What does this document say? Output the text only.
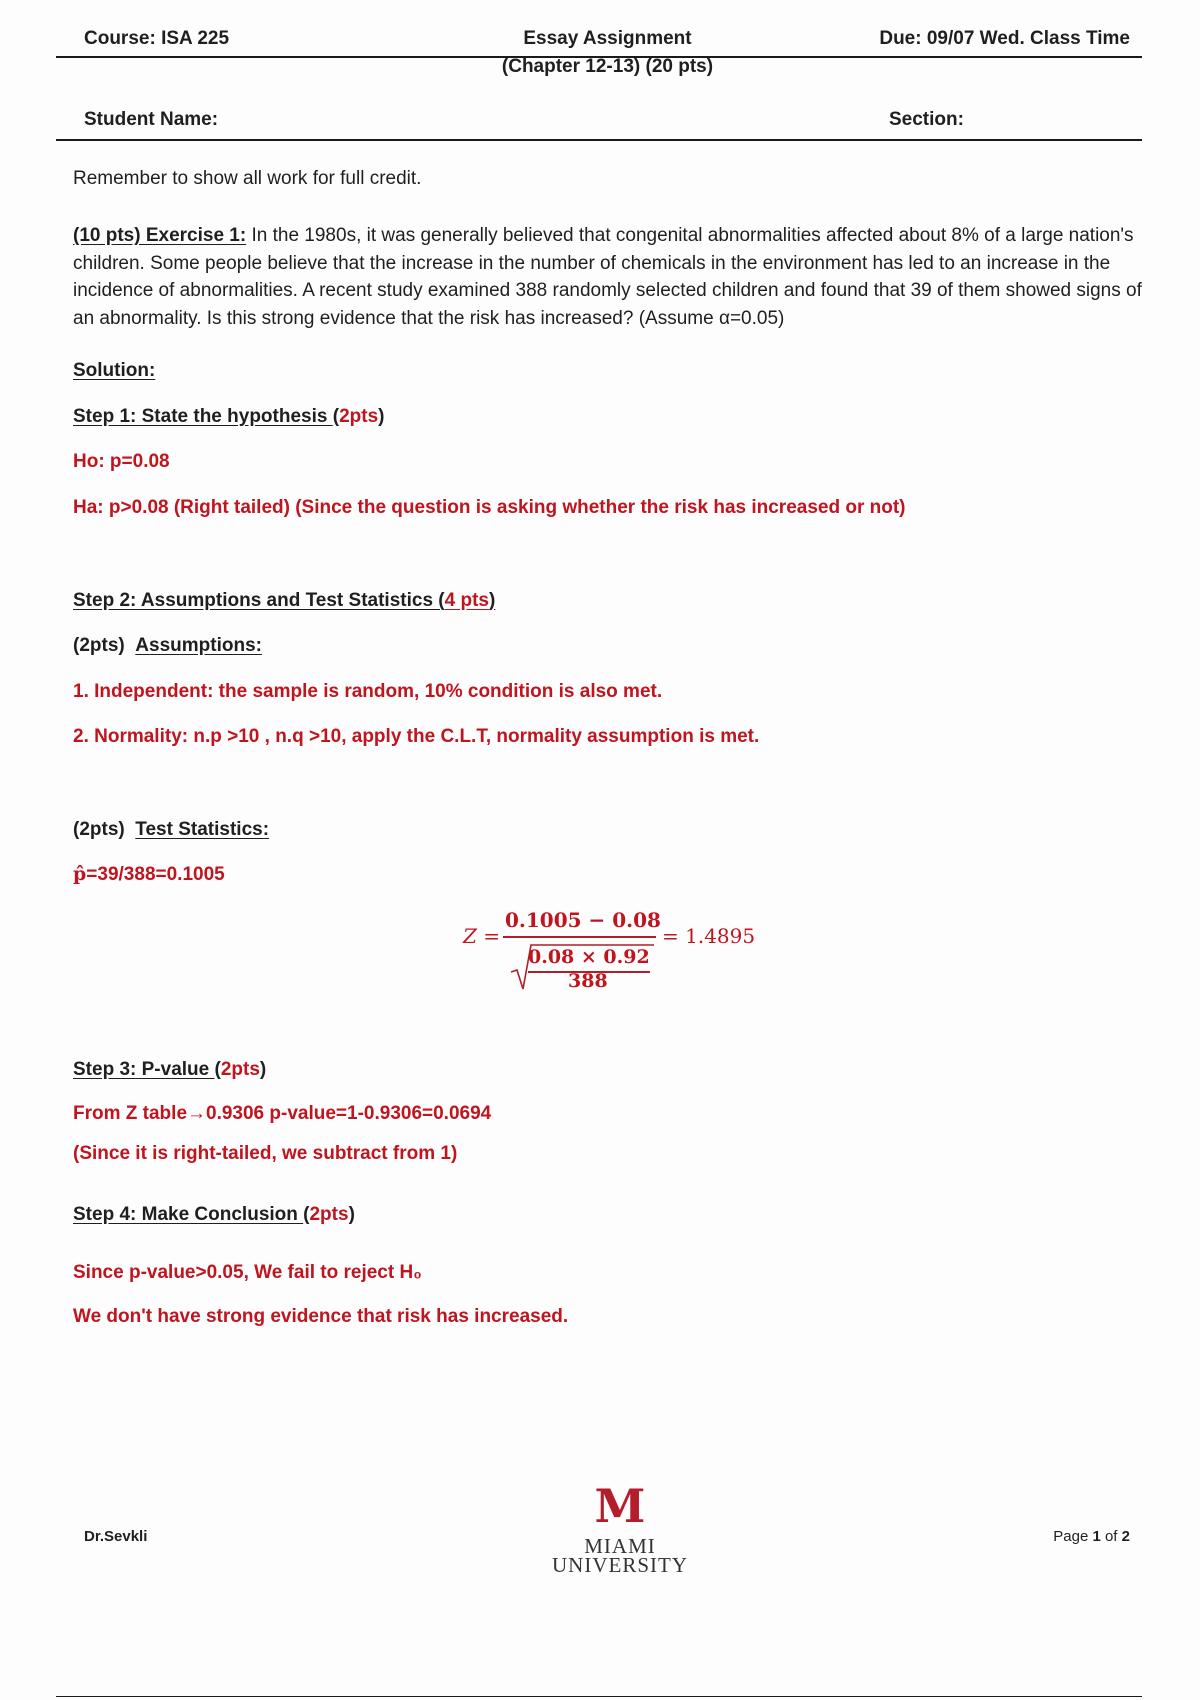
Course: ISA 225	Essay Assignment	Due: 09/07 Wed. Class Time
(Chapter 12-13) (20 pts)
Student Name:	Section:
Remember to show all work for full credit.
(10 pts) Exercise 1: In the 1980s, it was generally believed that congenital abnormalities affected about 8% of a large nation's children. Some people believe that the increase in the number of chemicals in the environment has led to an increase in the incidence of abnormalities. A recent study examined 388 randomly selected children and found that 39 of them showed signs of an abnormality. Is this strong evidence that the risk has increased? (Assume α=0.05)
Solution:
Step 1: State the hypothesis (2pts)
Ho: p=0.08
Ha: p>0.08 (Right tailed) (Since the question is asking whether the risk has increased or not)
Step 2: Assumptions and Test Statistics (4 pts)
(2pts) Assumptions:
1. Independent: the sample is random, 10% condition is also met.
2. Normality: n.p >10 , n.q >10, apply the C.L.T, normality assumption is met.
(2pts) Test Statistics:
p̂=39/388=0.1005
Z =
0.1005 − 0.08
0.08 × 0.92
388
= 1.4895
Step 3: P-value (2pts)
From Z table→0.9306 p-value=1-0.9306=0.0694
(Since it is right-tailed, we subtract from 1)
Step 4: Make Conclusion (2pts)
Since p-value>0.05, We fail to reject H₀
We don't have strong evidence that risk has increased.
Dr.Sevkli
M
MIAMI
UNIVERSITY
Page 1 of 2
